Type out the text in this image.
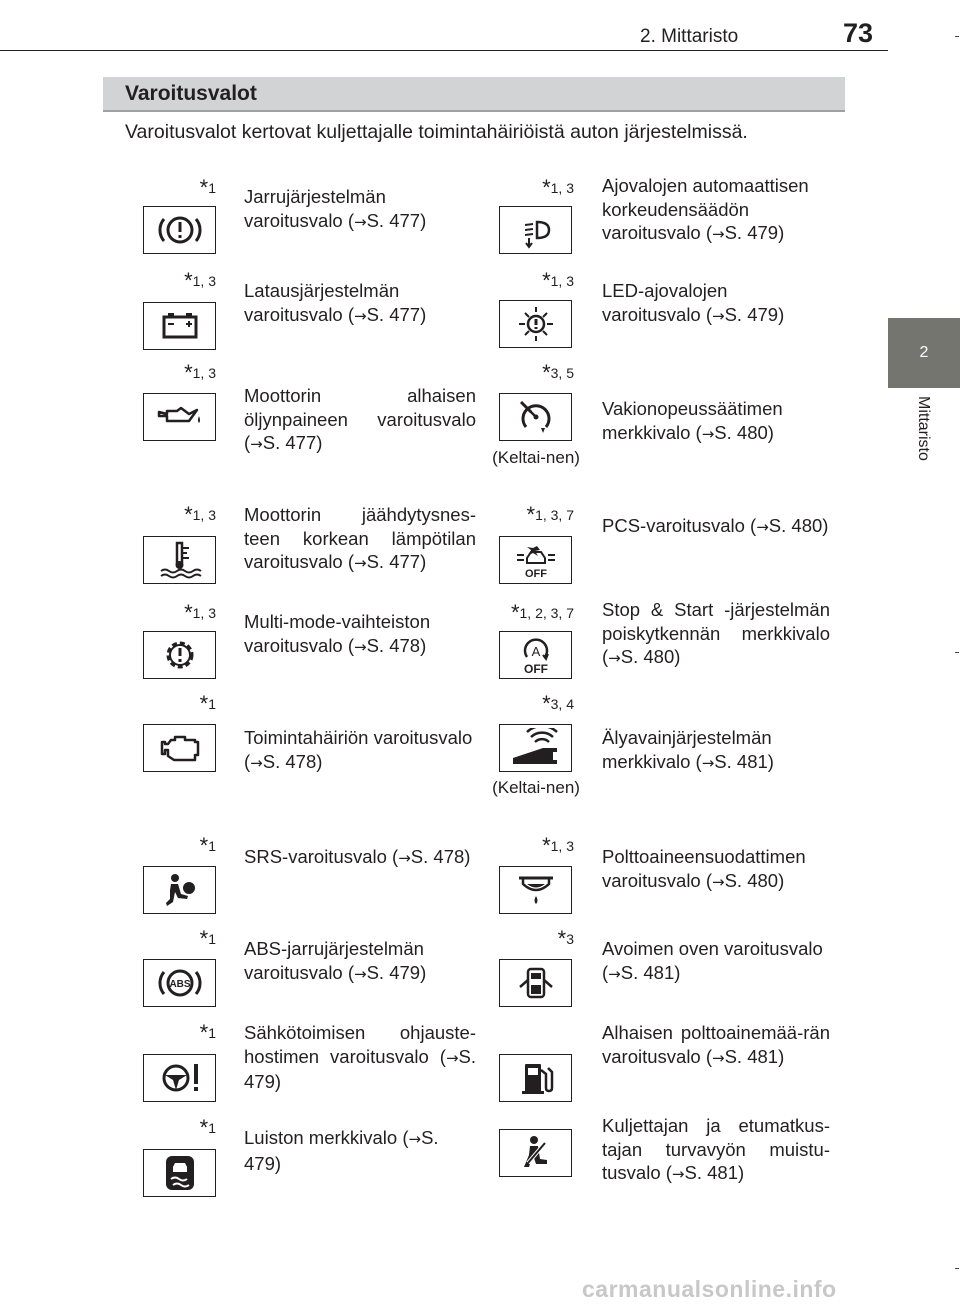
2. Mittaristo	73
2
Mittaristo
Varoitusvalot
Varoitusvalot kertovat kuljettajalle toimintahäiriöistä auton järjestelmissä.
*1 Jarrujärjestelmän varoitusvalo (→S. 477)
*1, 3 Latausjärjestelmän varoitusvalo (→S. 477)
*1, 3
Moottorin alhaisen öljynpaineen varoitusvalo (→S. 477)
*1, 3 Moottorin jäähdytysnes-teen korkean lämpötilan varoitusvalo (→S. 477)
*1, 3 Multi-mode-vaihteiston varoitusvalo (→S. 478)
*1
Toimintahäiriön varoitusvalo (→S. 478)
*1 SRS-varoitusvalo (→S. 478)
*1
ABS
ABS-jarrujärjestelmän varoitusvalo (→S. 479)
*1 Sähkötoimisen ohjauste-hostimen varoitusvalo (→S. 479)
*1 Luiston merkkivalo (→S. 479)
*1, 3 Ajovalojen automaattisen korkeudensäädön varoitusvalo (→S. 479)
*1, 3 LED-ajovalojen varoitusvalo (→S. 479)
*3, 5
(Keltai-nen)
Vakionopeussäätimen merkkivalo (→S. 480)
*1, 3, 7
OFF
PCS-varoitusvalo (→S. 480)
*1, 2, 3, 7
A
OFF
Stop & Start -järjestelmän poiskytkennän merkkivalo (→S. 480)
*3, 4
(Keltai-nen)
Älyavainjärjestelmän merkkivalo (→S. 481)
*1, 3 Polttoaineensuodattimen varoitusvalo (→S. 480)
*3 Avoimen oven varoitusvalo (→S. 481)
Alhaisen polttoainemää-rän varoitusvalo (→S. 481)
Kuljettajan ja etumatkus-tajan turvavyön muistu-tusvalo (→S. 481)
carmanualsonline.info
